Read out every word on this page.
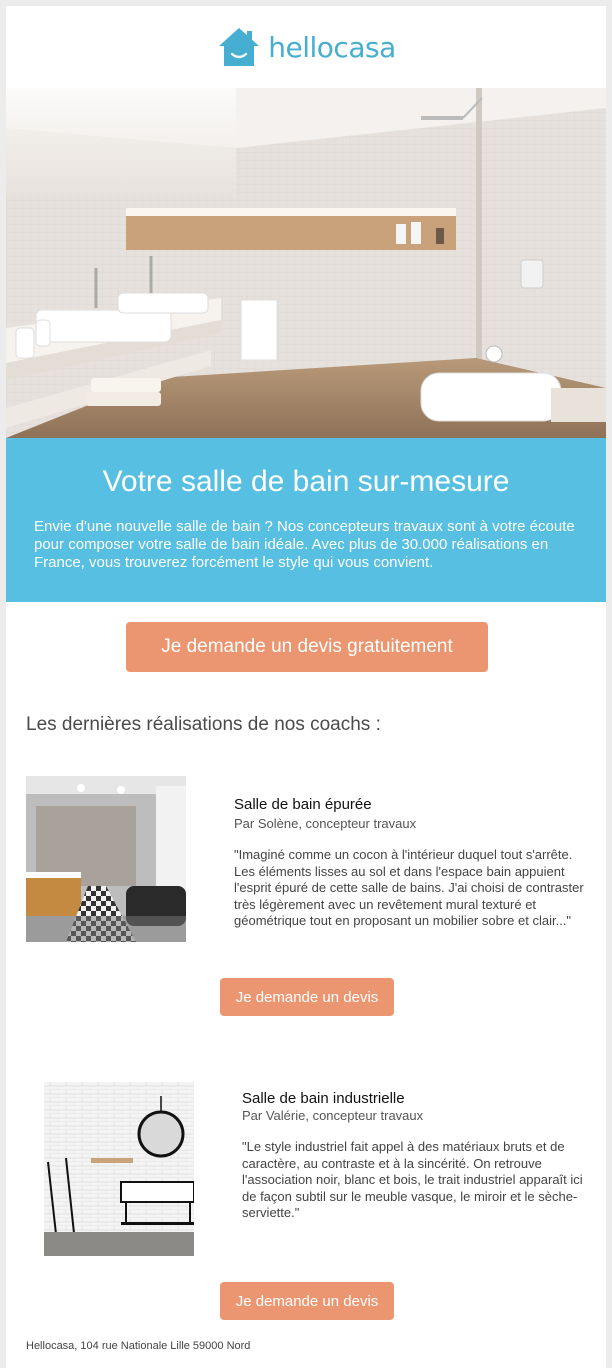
hellocasa
Votre salle de bain sur-mesure
Envie d'une nouvelle salle de bain ? Nos concepteurs travaux sont à votre écoute pour composer votre salle de bain idéale. Avec plus de 30.000 réalisations en France, vous trouverez forcément le style qui vous convient.
Je demande un devis gratuitement
Les dernières réalisations de nos coachs :
Salle de bain épurée
Par Solène, concepteur travaux
"Imaginé comme un cocon à l'intérieur duquel tout s'arrête. Les éléments lisses au sol et dans l'espace bain appuient l'esprit épuré de cette salle de bains. J'ai choisi de contraster très légèrement avec un revêtement mural texturé et géométrique tout en proposant un mobilier sobre et clair..."
Je demande un devis
Salle de bain industrielle
Par Valérie, concepteur travaux
"Le style industriel fait appel à des matériaux bruts et de caractère, au contraste et à la sincérité. On retrouve l'association noir, blanc et bois, le trait industriel apparaît ici de façon subtil sur le meuble vasque, le miroir et le sèche-serviette."
Je demande un devis
Hellocasa, 104 rue Nationale Lille 59000 Nord
